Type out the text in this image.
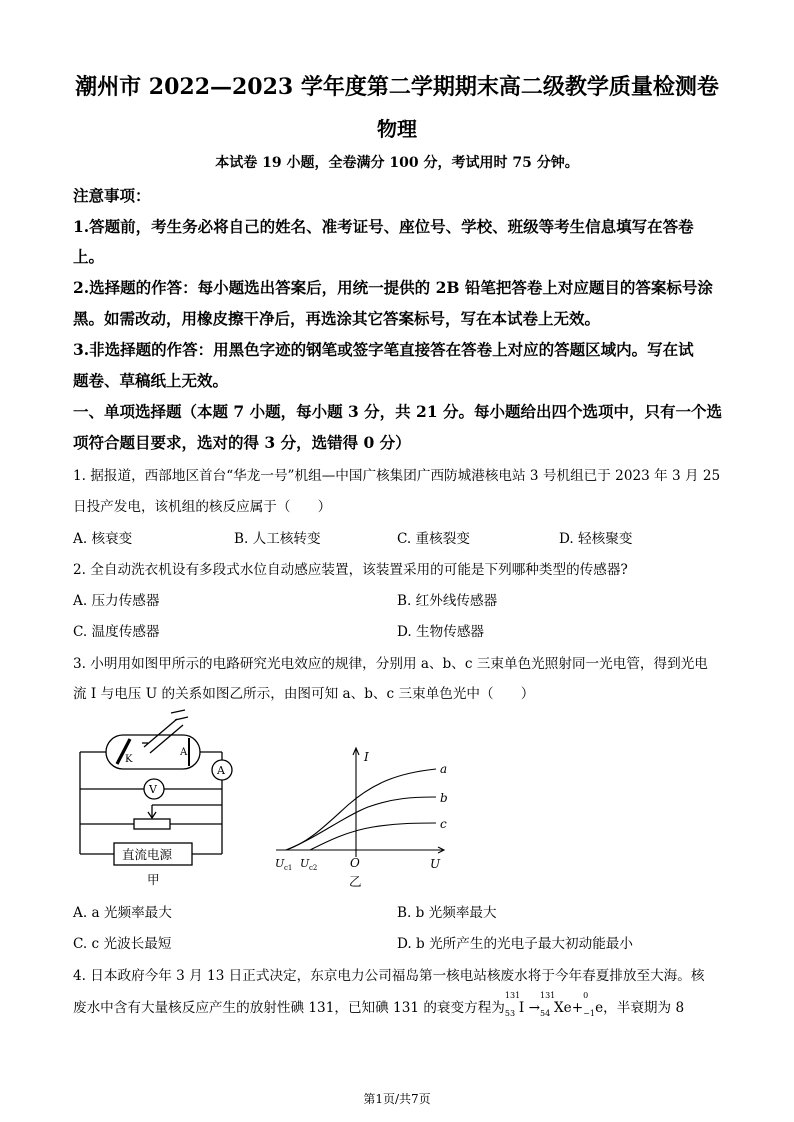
潮州市 2022—2023 学年度第二学期期末高二级教学质量检测卷
物理
本试卷 19 小题，全卷满分 100 分，考试用时 75 分钟。
注意事项：
1.答题前，考生务必将自己的姓名、准考证号、座位号、学校、班级等考生信息填写在答卷
上。
2.选择题的作答：每小题选出答案后，用统一提供的 2B 铅笔把答卷上对应题目的答案标号涂
黑。如需改动，用橡皮擦干净后，再选涂其它答案标号，写在本试卷上无效。
3.非选择题的作答：用黑色字迹的钢笔或签字笔直接答在答卷上对应的答题区域内。写在试
题卷、草稿纸上无效。
一、单项选择题（本题 7 小题，每小题 3 分，共 21 分。每小题给出四个选项中，只有一个选
项符合题目要求，选对的得 3 分，选错得 0 分）
1. 据报道，西部地区首台“华龙一号”机组—中国广核集团广西防城港核电站 3 号机组已于 2023 年 3 月 25
日投产发电，该机组的核反应属于（　　）
A. 核衰变	B. 人工核转变	C. 重核裂变	D. 轻核聚变
2. 全自动洗衣机设有多段式水位自动感应装置，该装置采用的可能是下列哪种类型的传感器?
A. 压力传感器	B. 红外线传感器
C. 温度传感器	D. 生物传感器
3. 小明用如图甲所示的电路研究光电效应的规律，分别用 a、b、c 三束单色光照射同一光电管，得到光电
流 I 与电压 U 的关系如图乙所示，由图可知 a、b、c 三束单色光中（　　）
K
A
A
V
直流电源
甲
I
U
O
U c1 U c2
a
b
c
乙
A. a 光频率最大	B. b 光频率最大
C. c 光波长最短	D. b 光所产生的光电子最大初动能最小
4. 日本政府今年 3 月 13 日正式决定，东京电力公司福岛第一核电站核废水将于今年春夏排放至大海。核
废水中含有大量核反应产生的放射性碘 131，已知碘 131 的衰变方程为
131
53 I →
131
54 Xe+
0
−1 e，半衰期为 8
第1页/共7页
